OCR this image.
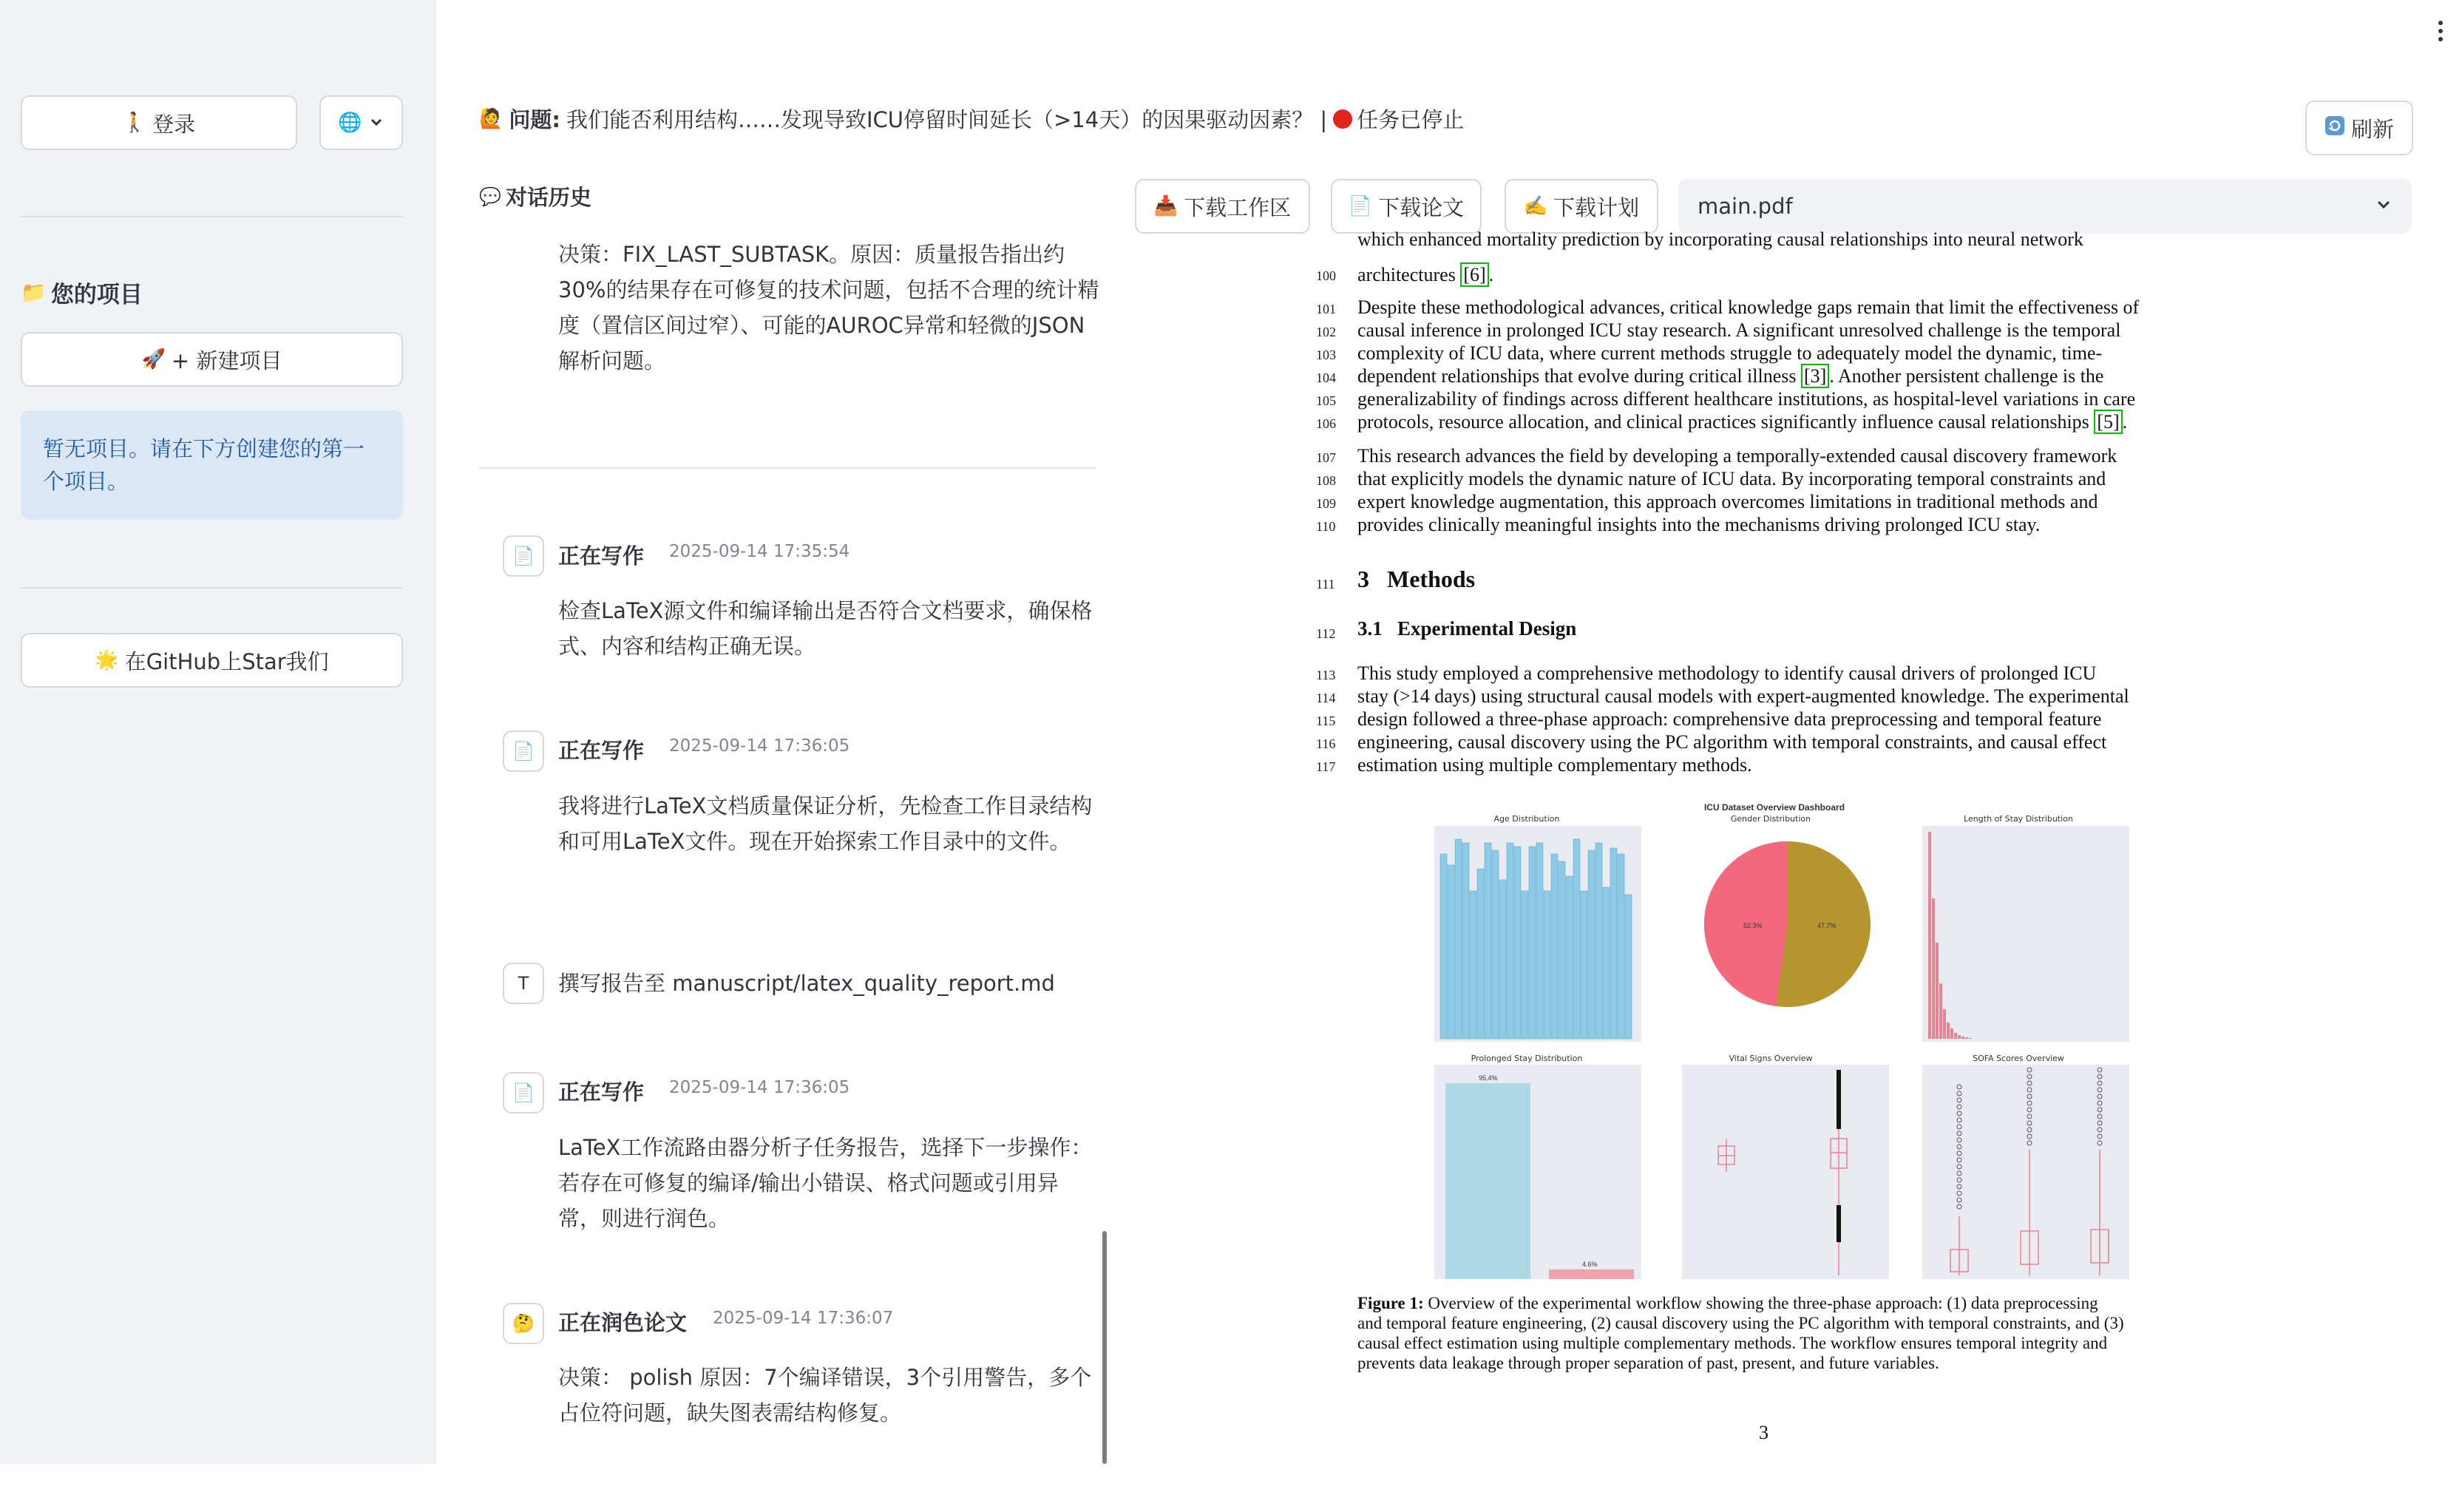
🚶 登录	🌐
📁 您的项目
🚀 + 新建项目
暂无项目。请在下方创建您的第一个项目。
🌟 在GitHub上Star我们
🙋 问题: 我们能否利用结构……发现导致ICU停留时间延长（>14天）的因果驱动因素？ | 任务已停止	刷新
💬 对话历史
决策：FIX_LAST_SUBTASK。原因：质量报告指出约30%的结果存在可修复的技术问题，包括不合理的统计精度（置信区间过窄）、可能的AUROC异常和轻微的JSON解析问题。
📄	正在写作 2025-09-14 17:35:54
检查LaTeX源文件和编译输出是否符合文档要求，确保格式、内容和结构正确无误。
📄	正在写作 2025-09-14 17:36:05
我将进行LaTeX文档质量保证分析，先检查工作目录结构和可用LaTeX文件。现在开始探索工作目录中的文件。
T	撰写报告至 manuscript/latex_quality_report.md
📄	正在写作 2025-09-14 17:36:05
LaTeX工作流路由器分析子任务报告，选择下一步操作：若存在可修复的编译/输出小错误、格式问题或引用异常，则进行润色。
🤔	正在润色论文 2025-09-14 17:36:07
决策： polish 原因：7个编译错误，3个引用警告，多个占位符问题，缺失图表需结构修复。
📥 下载工作区	📄 下载论文	✍️ 下载计划	main.pdf
which enhanced mortality prediction by incorporating causal relationships into neural network
100 architectures [6] .
101 Despite these methodological advances, critical knowledge gaps remain that limit the effectiveness of
102 causal inference in prolonged ICU stay research. A significant unresolved challenge is the temporal
103 complexity of ICU data, where current methods struggle to adequately model the dynamic, time-
104 dependent relationships that evolve during critical illness [3] . Another persistent challenge is the
105 generalizability of findings across different healthcare institutions, as hospital-level variations in care
106 protocols, resource allocation, and clinical practices significantly influence causal relationships [5] .
107 This research advances the field by developing a temporally-extended causal discovery framework
108 that explicitly models the dynamic nature of ICU data. By incorporating temporal constraints and
109 expert knowledge augmentation, this approach overcomes limitations in traditional methods and
110 provides clinically meaningful insights into the mechanisms driving prolonged ICU stay.
111 3 Methods
112 3.1 Experimental Design
113 This study employed a comprehensive methodology to identify causal drivers of prolonged ICU
114 stay (>14 days) using structural causal models with expert-augmented knowledge. The experimental
115 design followed a three-phase approach: comprehensive data preprocessing and temporal feature
116 engineering, causal discovery using the PC algorithm with temporal constraints, and causal effect
117 estimation using multiple complementary methods.
ICU Dataset Overview Dashboard
Age Distribution	Gender Distribution	Length of Stay Distribution
Prolonged Stay Distribution	Vital Signs Overview	SOFA Scores Overview
52.3%	47.7%
95.4%
4.6%
Figure 1: Overview of the experimental workflow showing the three-phase approach: (1) data preprocessing
and temporal feature engineering, (2) causal discovery using the PC algorithm with temporal constraints, and (3)
causal effect estimation using multiple complementary methods. The workflow ensures temporal integrity and
prevents data leakage through proper separation of past, present, and future variables.
3
